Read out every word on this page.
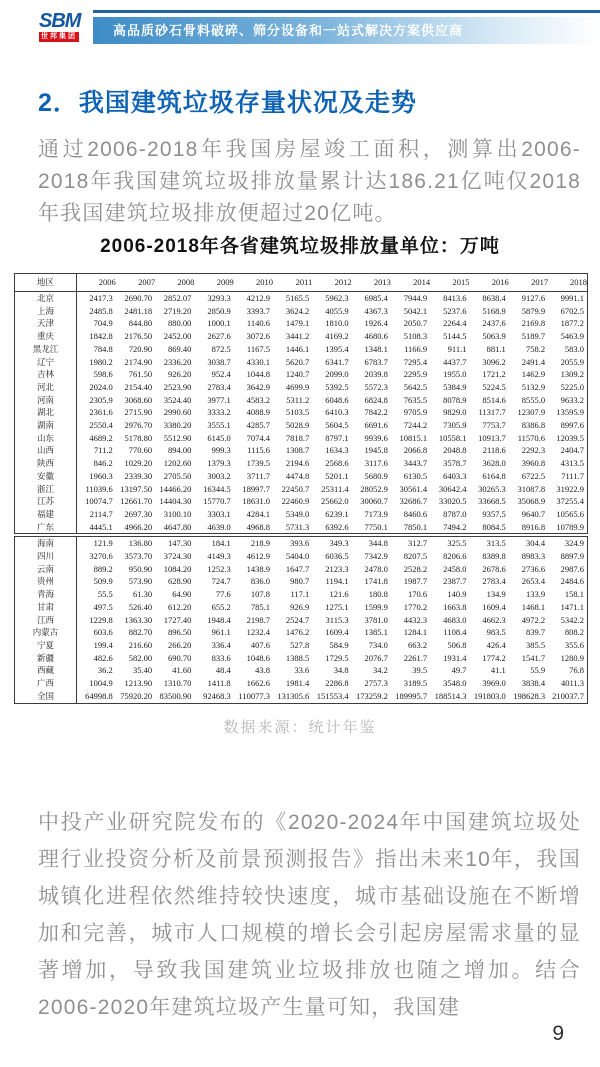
SBM
世邦集团	高品质砂石骨料破碎、筛分设备和一站式解决方案供应商
2．我国建筑垃圾存量状况及走势

通过2006-2018年我国房屋竣工面积，测算出2006-2018年我国建筑垃圾排放量累计达186.21亿吨仅2018年我国建筑垃圾排放便超过20亿吨。

2006-2018年各省建筑垃圾排放量单位：万吨
地区	2006	2007	2008	2009	2010	2011	2012	2013	2014	2015	2016	2017	2018
北京	2417.3	2690.70	2852.07	3293.3	4212.9	5165.5	5962.3	6985.4	7944.9	8413.6	8638.4	9127.6	9991.1
上海	2485.8	2481.18	2719.20	2850.9	3393.7	3624.2	4055.9	4367.3	5042.1	5237.6	5168.9	5879.9	6702.5
天津	704.9	844.80	880.00	1000.1	1140.6	1479.1	1810.0	1926.4	2050.7	2264.4	2437.6	2169.8	1877.2
重庆	1842.8	2176.50	2452.00	2627.6	3072.6	3441.2	4169.2	4680.6	5108.3	5144.5	5063.9	5189.7	5463.9
黑龙江	784.8	720.90	869.40	872.5	1167.5	1446.1	1395.4	1348.1	1166.9	911.1	881.1	758.2	583.0
辽宁	1980.2	2174.90	2336.20	3038.7	4330.1	5620.7	6341.7	6783.7	7295.4	4437.7	3096.2	2491.4	2055.9
吉林	598.6	761.50	926.20	952.4	1044.8	1240.7	2099.0	2039.8	2295.9	1955.0	1721.2	1462.9	1309.2
河北	2024.0	2154.40	2523.90	2783.4	3642.9	4699.9	5392.5	5572.3	5642.5	5384.9	5224.5	5132.9	5225.0
河南	2305.9	3068.60	3524.40	3977.1	4583.2	5311.2	6048.6	6824.8	7635.5	8078.9	8514.6	8555.0	9633.2
湖北	2361.6	2715.90	2990.60	3333.2	4088.9	5103.5	6410.3	7842.2	9705.9	9829.0	11317.7	12307.9	13595.9
湖南	2550.4	2976.70	3380.20	3555.1	4285.7	5028.9	5604.5	6691.6	7244.2	7305.9	7753.7	8386.8	8997.6
山东	4689.2	5178.80	5512.90	6145.0	7074.4	7818.7	8797.1	9939.6	10815.1	10558.1	10913.7	11570.6	12039.5
山西	711.2	770.60	894.00	999.3	1115.6	1308.7	1634.3	1945.8	2066.8	2048.8	2118.6	2292.3	2404.7
陕西	846.2	1029.20	1202.60	1379.3	1739.5	2194.6	2568.6	3117.6	3443.7	3578.7	3628.0	3960.8	4313.5
安徽	1960.3	2339.30	2705.50	3003.2	3711.7	4474.8	5201.1	5680.9	6130.5	6403.3	6164.8	6722.5	7111.7
浙江	11039.6	13197.50	14466.20	16344.5	18997.7	22450.7	25311.4	28052.9	30561.4	30642.4	30265.3	31087.8	31922.9
江苏	10074.7	12661.70	14404.30	15770.7	18631.0	22460.9	25662.0	30060.7	32686.7	33020.5	33668.5	35068.9	37255.4
福建	2114.7	2697.30	3100.10	3303.1	4284.1	5349.0	6239.1	7173.9	8460.6	8787.0	9357.5	9640.7	10565.6
广东	4445.1	4966.20	4647.80	4639.0	4968.8	5731.3	6392.6	7750.1	7850.1	7494.2	8084.5	8916.8	10789.9
海南	121.9	136.80	147.30	184.1	218.9	393.6	349.3	344.8	312.7	325.5	313.5	304.4	324.9
四川	3270.6	3573.70	3724.30	4149.3	4612.9	5404.0	6036.5	7342.9	8207.5	8206.6	8389.8	8983.3	8897.9
云南	889.2	950.90	1084.20	1252.3	1438.9	1647.7	2123.3	2478.0	2528.2	2458.0	2678.6	2736.6	2987.6
贵州	509.9	573.90	628.90	724.7	836.0	980.7	1194.1	1741.8	1987.7	2387.7	2783.4	2653.4	2484.6
青海	55.5	61.30	64.90	77.6	107.8	117.1	121.6	180.8	170.6	140.9	134.9	133.9	158.1
甘肃	497.5	526.40	612.20	655.2	785.1	926.9	1275.1	1599.9	1770.2	1663.8	1609.4	1468.1	1471.1
江西	1229.8	1363.30	1727.40	1948.4	2198.7	2524.7	3115.3	3781.0	4432.3	4683.0	4662.3	4972.2	5342.2
内蒙古	603.6	882.70	896.50	961.1	1232.4	1476.2	1609.4	1385.1	1284.1	1108.4	983.5	839.7	808.2
宁夏	199.4	216.60	266.20	336.4	407.6	527.8	584.9	734.0	663.2	506.8	426.4	385.5	355.6
新疆	482.6	582.00	690.70	833.6	1048.6	1388.5	1729.5	2076.7	2261.7	1931.4	1774.2	1541.7	1280.9
西藏	36.2	35.40	41.60	48.4	43.8	33.6	34.8	34.2	39.5	49.7	41.1	55.9	76.8
广西	1004.9	1213.90	1310.70	1411.8	1662.6	1981.4	2286.8	2757.3	3189.5	3548.0	3969.0	3838.4	4011.3
全国	64998.8	75920.20	83500.90	92468.3	110077.3	131305.6	151553.4	173259.2	189995.7	188514.3	191803.0	198628.3	210037.7
数据来源：统计年鉴

中投产业研究院发布的《2020-2024年中国建筑垃圾处理行业投资分析及前景预测报告》指出未来10年，我国城镇化进程依然维持较快速度，城市基础设施在不断增加和完善，城市人口规模的增长会引起房屋需求量的显著增加，导致我国建筑业垃圾排放也随之增加。结合2006-2020年建筑垃圾产生量可知，我国建

9
